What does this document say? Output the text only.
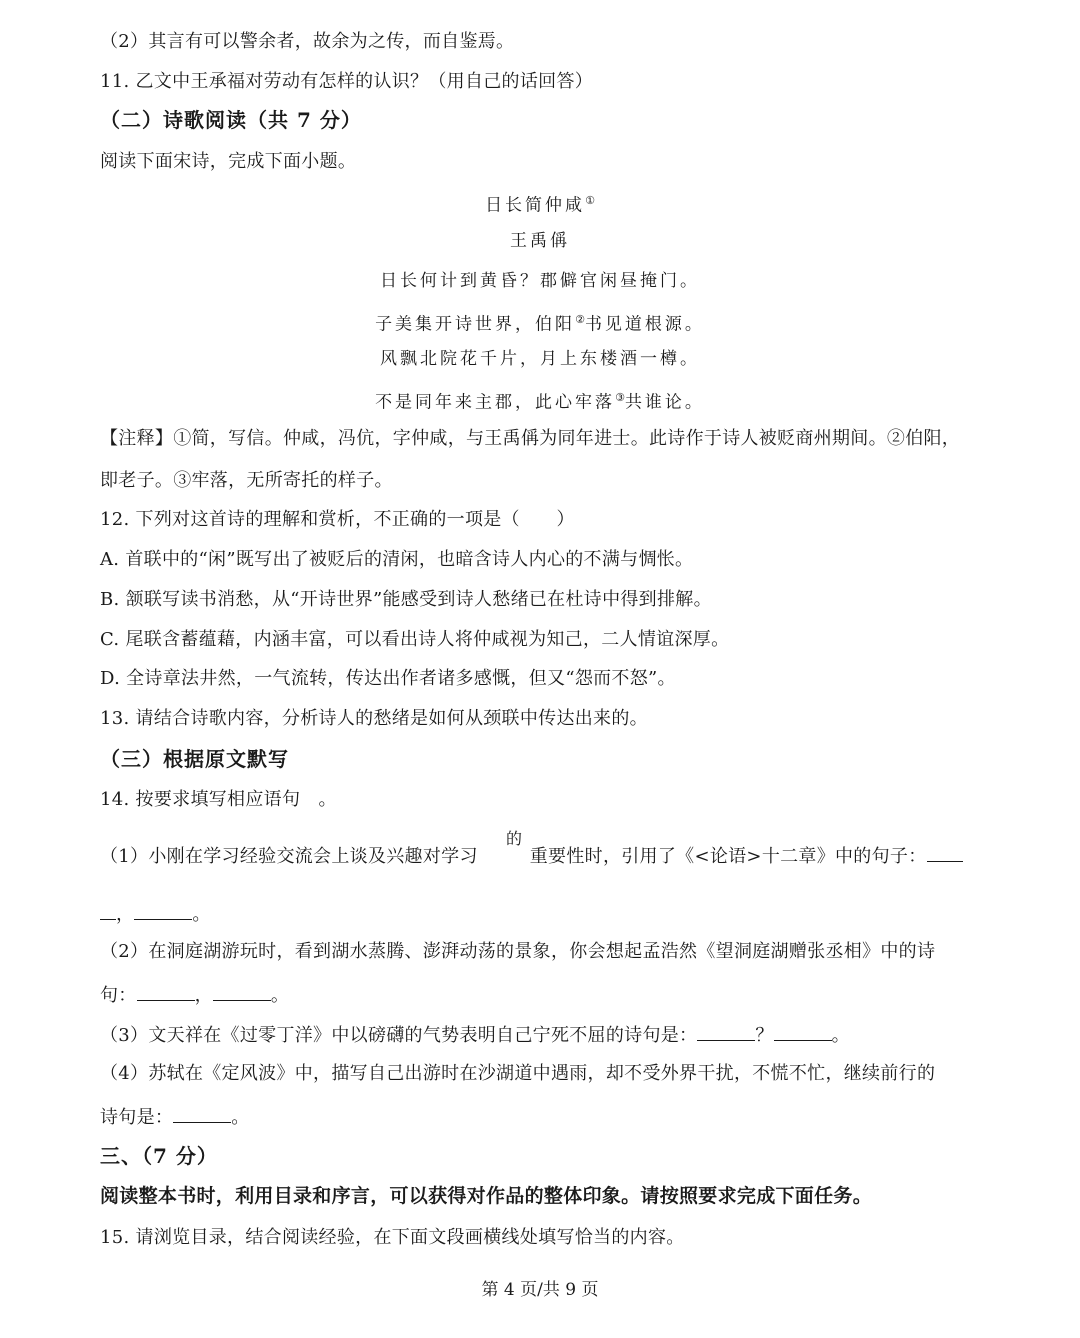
（2）其言有可以警余者，故余为之传，而自鉴焉。
11. 乙文中王承福对劳动有怎样的认识？（用自己的话回答）
（二）诗歌阅读（共 7 分）
阅读下面宋诗，完成下面小题。
日长简仲咸①
王禹偁
日长何计到黄昏？郡僻官闲昼掩门。
子美集开诗世界，伯阳②书见道根源。
风飘北院花千片，月上东楼酒一樽。
不是同年来主郡，此心牢落③共谁论。
【注释】①简，写信。仲咸，冯伉，字仲咸，与王禹偁为同年进士。此诗作于诗人被贬商州期间。②伯阳，
即老子。③牢落，无所寄托的样子。
12. 下列对这首诗的理解和赏析，不正确的一项是（　　）
A. 首联中的“闲”既写出了被贬后的清闲，也暗含诗人内心的不满与惆怅。
B. 颔联写读书消愁，从“开诗世界”能感受到诗人愁绪已在杜诗中得到排解。
C. 尾联含蓄蕴藉，内涵丰富，可以看出诗人将仲咸视为知己，二人情谊深厚。
D. 全诗章法井然，一气流转，传达出作者诸多感慨，但又“怨而不怒”。
13. 请结合诗歌内容，分析诗人的愁绪是如何从颈联中传达出来的。
（三）根据原文默写
14. 按要求填写相应语句　。
的
（1）小刚在学习经验交流会上谈及兴趣对学习	重要性时，引用了《<论语>十二章》中的句子：
，	。
（2）在洞庭湖游玩时，看到湖水蒸腾、澎湃动荡的景象，你会想起孟浩然《望洞庭湖赠张丞相》中的诗
句：	，	。
（3）文天祥在《过零丁洋》中以磅礴的气势表明自己宁死不屈的诗句是：	？	。
（4）苏轼在《定风波》中，描写自己出游时在沙湖道中遇雨，却不受外界干扰，不慌不忙，继续前行的
诗句是：	。
三、（7 分）
阅读整本书时，利用目录和序言，可以获得对作品的整体印象。请按照要求完成下面任务。
15. 请浏览目录，结合阅读经验，在下面文段画横线处填写恰当的内容。
第 4 页/共 9 页
